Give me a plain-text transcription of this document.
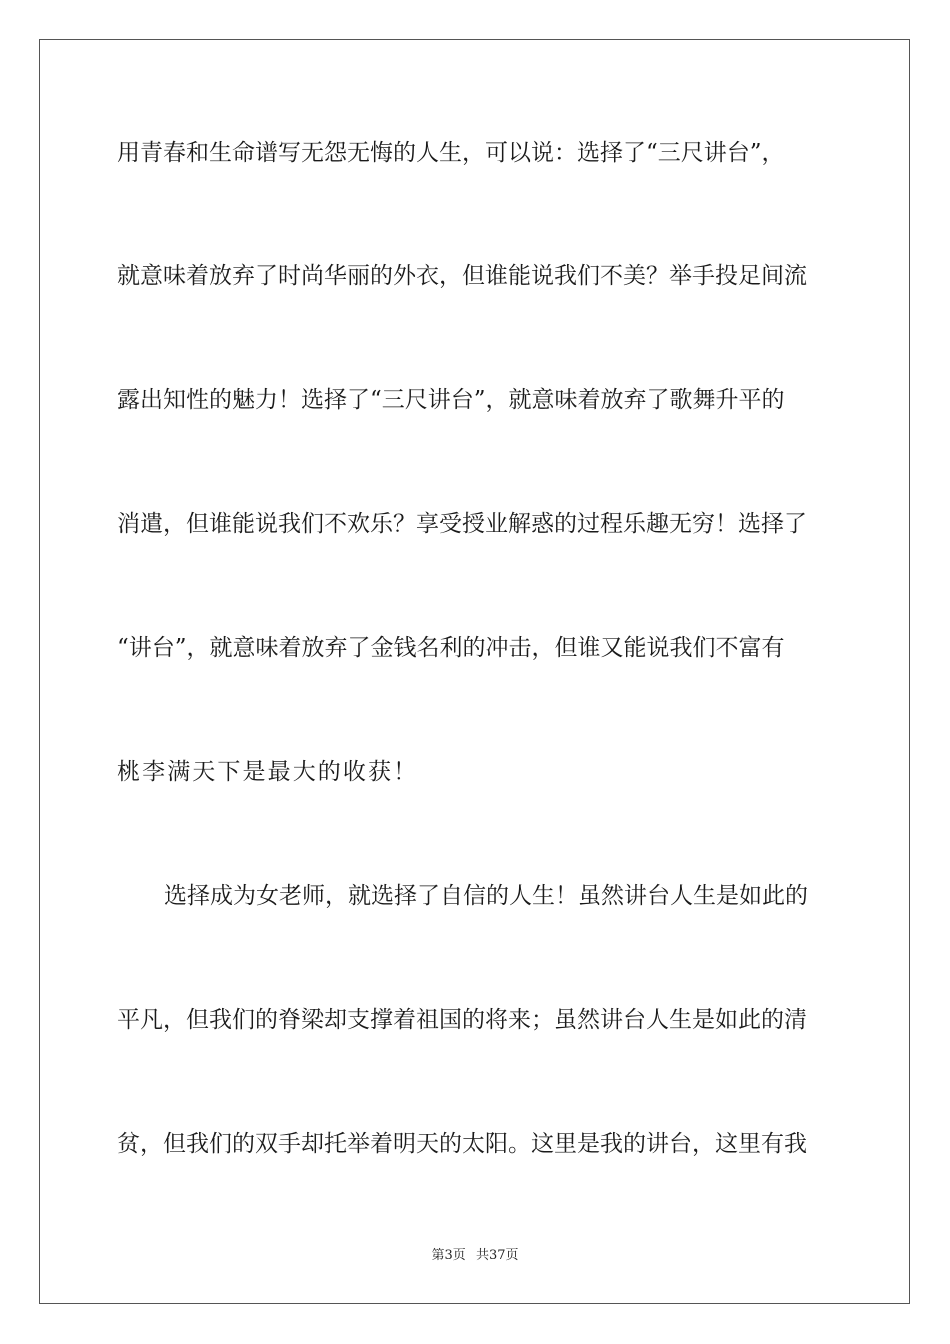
用青春和生命谱写无怨无悔的人生，可以说：选择了“三尺讲台”，
就意味着放弃了时尚华丽的外衣，但谁能说我们不美？举手投足间流
露出知性的魅力！选择了“三尺讲台”，就意味着放弃了歌舞升平的
消遣，但谁能说我们不欢乐？享受授业解惑的过程乐趣无穷！选择了
“讲台”，就意味着放弃了金钱名利的冲击，但谁又能说我们不富有
桃李满天下是最大的收获！
选择成为女老师，就选择了自信的人生！虽然讲台人生是如此的
平凡，但我们的脊梁却支撑着祖国的将来；虽然讲台人生是如此的清
贫，但我们的双手却托举着明天的太阳。这里是我的讲台，这里有我
第3页 共37页
